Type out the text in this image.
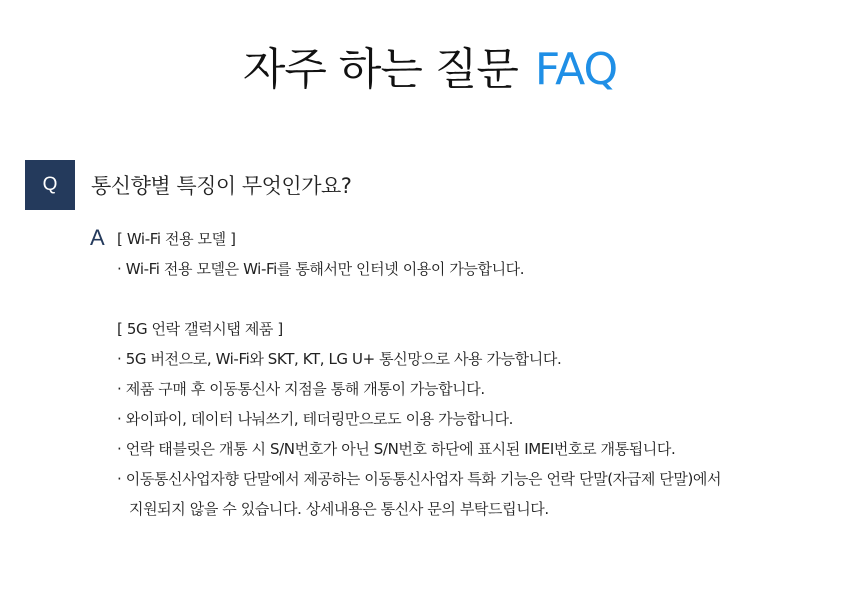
자주 하는 질문 FAQ
Q	통신향별 특징이 무엇인가요?
A [ Wi-Fi 전용 모델 ]
· Wi-Fi 전용 모델은 Wi-Fi를 통해서만 인터넷 이용이 가능합니다.
[ 5G 언락 갤럭시탭 제품 ]
· 5G 버전으로, Wi-Fi와 SKT, KT, LG U+ 통신망으로 사용 가능합니다.
· 제품 구매 후 이동통신사 지점을 통해 개통이 가능합니다.
· 와이파이, 데이터 나눠쓰기, 테더링만으로도 이용 가능합니다.
· 언락 태블릿은 개통 시 S/N번호가 아닌 S/N번호 하단에 표시된 IMEI번호로 개통됩니다.
· 이동통신사업자향 단말에서 제공하는 이동통신사업자 특화 기능은 언락 단말(자급제 단말)에서
지원되지 않을 수 있습니다. 상세내용은 통신사 문의 부탁드립니다.
